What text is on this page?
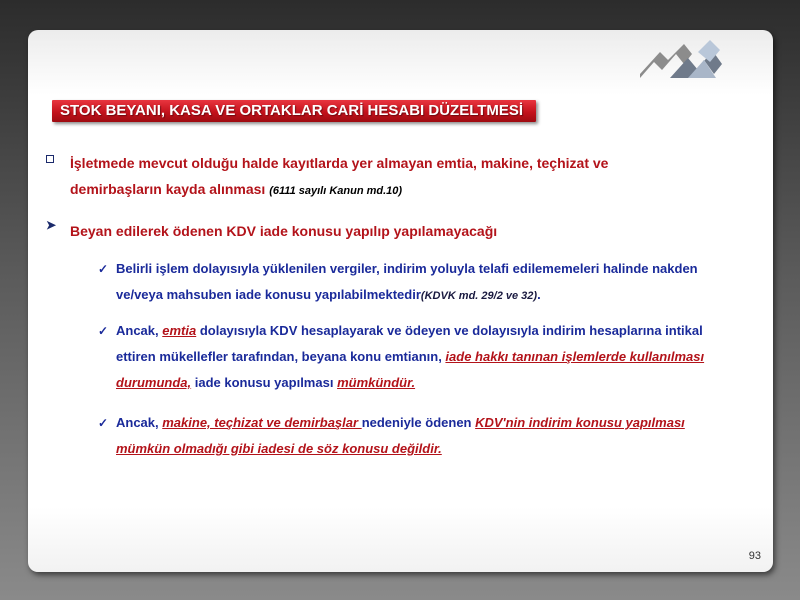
STOK BEYANI, KASA VE ORTAKLAR CARİ HESABI DÜZELTMESİ
İşletmede mevcut olduğu halde kayıtlarda yer almayan emtia, makine, teçhizat ve demirbaşların kayda alınması (6111 sayılı Kanun md.10)
➤ Beyan edilerek ödenen KDV iade konusu yapılıp yapılamayacağı
✓ Belirli işlem dolayısıyla yüklenilen vergiler, indirim yoluyla telafi edilememeleri halinde nakden ve/veya mahsuben iade konusu yapılabilmektedir(KDVK md. 29/2 ve 32).
✓ Ancak, emtia dolayısıyla KDV hesaplayarak ve ödeyen ve dolayısıyla indirim hesaplarına intikal ettiren mükellefler tarafından, beyana konu emtianın, iade hakkı tanınan işlemlerde kullanılması durumunda, iade konusu yapılması mümkündür.
✓ Ancak, makine, teçhizat ve demirbaşlar nedeniyle ödenen KDV'nin indirim konusu yapılması mümkün olmadığı gibi iadesi de söz konusu değildir.
93
